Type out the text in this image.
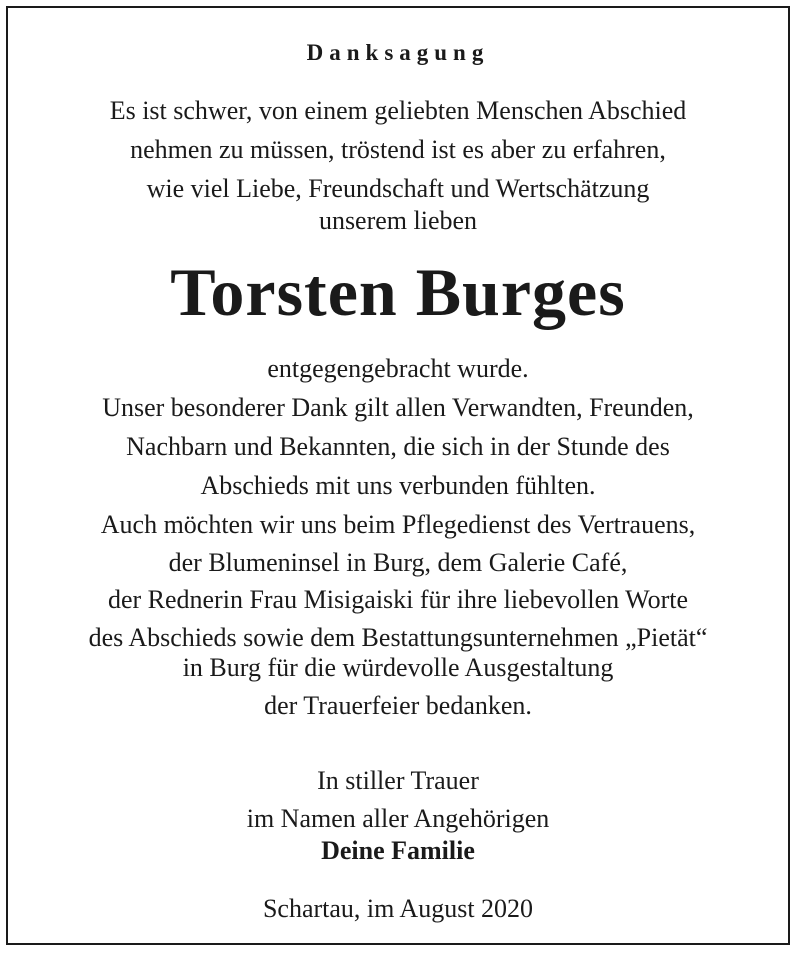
Danksagung
Es ist schwer, von einem geliebten Menschen Abschied
nehmen zu müssen, tröstend ist es aber zu erfahren,
wie viel Liebe, Freundschaft und Wertschätzung
unserem lieben
Torsten Burges
entgegengebracht wurde.
Unser besonderer Dank gilt allen Verwandten, Freunden,
Nachbarn und Bekannten, die sich in der Stunde des
Abschieds mit uns verbunden fühlten.
Auch möchten wir uns beim Pflegedienst des Vertrauens,
der Blumeninsel in Burg, dem Galerie Café,
der Rednerin Frau Misigaiski für ihre liebevollen Worte
des Abschieds sowie dem Bestattungsunternehmen „Pietät“
in Burg für die würdevolle Ausgestaltung
der Trauerfeier bedanken.
In stiller Trauer
im Namen aller Angehörigen
Deine Familie
Schartau, im August 2020
